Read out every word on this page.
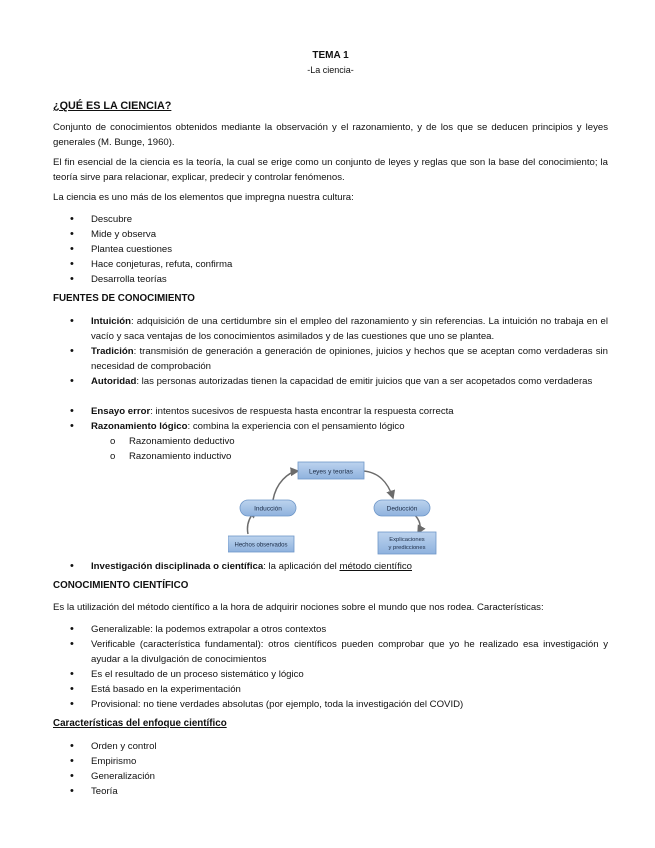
TEMA 1
-La ciencia-
¿QUÉ ES LA CIENCIA?
Conjunto de conocimientos obtenidos mediante la observación y el razonamiento, y de los que se deducen principios y leyes generales (M. Bunge, 1960).
El fin esencial de la ciencia es la teoría, la cual se erige como un conjunto de leyes y reglas que son la base del conocimiento; la teoría sirve para relacionar, explicar, predecir y controlar fenómenos.
La ciencia es uno más de los elementos que impregna nuestra cultura:
• Descubre
• Mide y observa
• Plantea cuestiones
• Hace conjeturas, refuta, confirma
• Desarrolla teorías
FUENTES DE CONOCIMIENTO
• Intuición: adquisición de una certidumbre sin el empleo del razonamiento y sin referencias. La intuición no trabaja en el vacío y saca ventajas de los conocimientos asimilados y de las cuestiones que uno se plantea.
• Tradición: transmisión de generación a generación de opiniones, juicios y hechos que se aceptan como verdaderas sin necesidad de comprobación
• Autoridad: las personas autorizadas tienen la capacidad de emitir juicios que van a ser acopetados como verdaderas
• Ensayo error: intentos sucesivos de respuesta hasta encontrar la respuesta correcta
• Razonamiento lógico: combina la experiencia con el pensamiento lógico
o Razonamiento deductivo
o Razonamiento inductivo
Leyes y teorías
Inducción	Deducción
Hechos observados
Explicaciones
y predicciones
• Investigación disciplinada o científica: la aplicación del método científico
CONOCIMIENTO CIENTÍFICO
Es la utilización del método científico a la hora de adquirir nociones sobre el mundo que nos rodea. Características:
• Generalizable: la podemos extrapolar a otros contextos
• Verificable (característica fundamental): otros científicos pueden comprobar que yo he realizado esa investigación y ayudar a la divulgación de conocimientos
• Es el resultado de un proceso sistemático y lógico
• Está basado en la experimentación
• Provisional: no tiene verdades absolutas (por ejemplo, toda la investigación del COVID)
Características del enfoque científico
• Orden y control
• Empirismo
• Generalización
• Teoría
